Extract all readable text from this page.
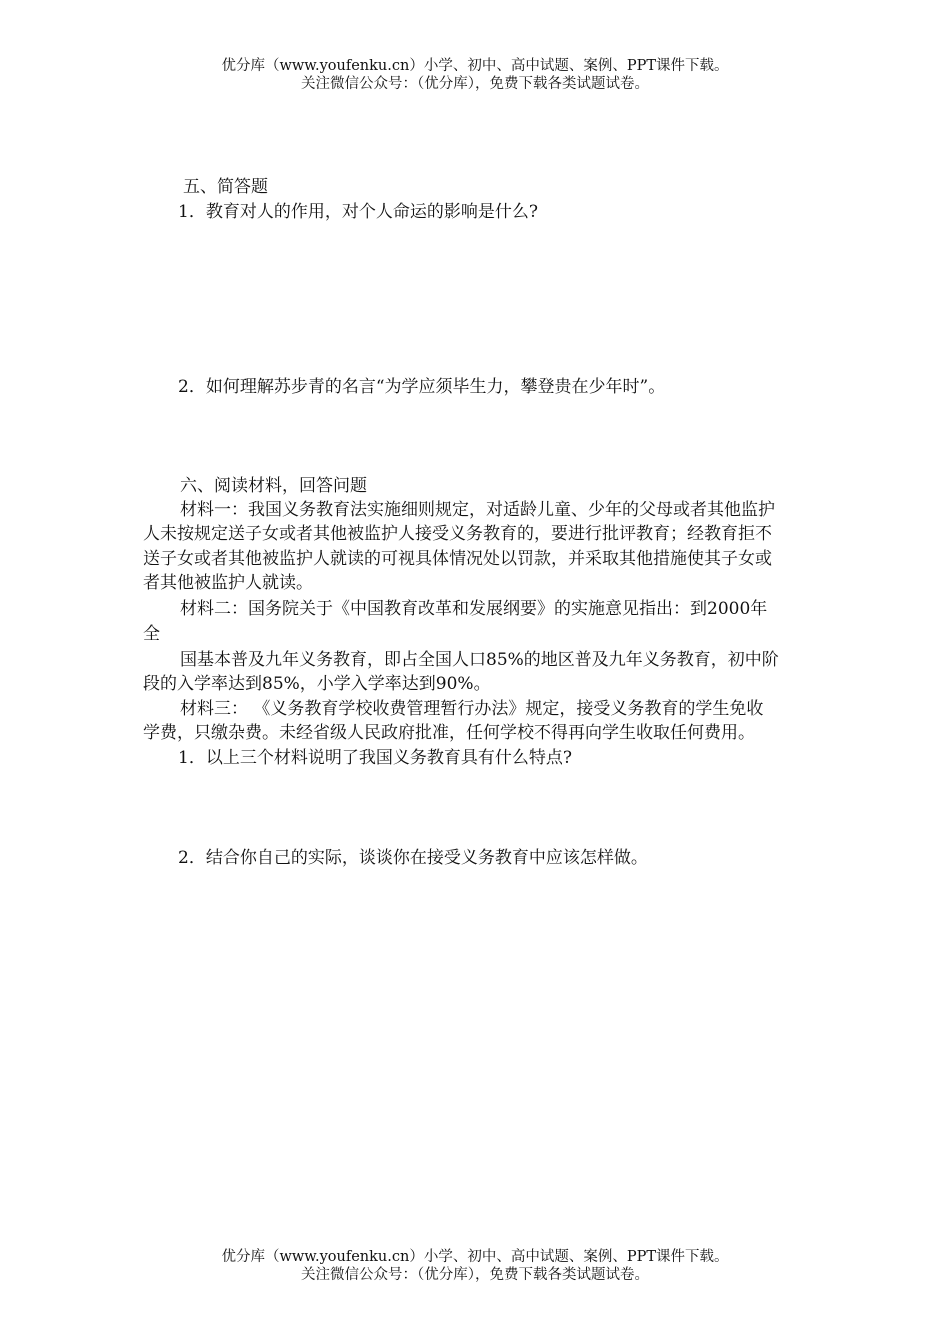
优分库（www.youfenku.cn）小学、初中、高中试题、案例、PPT课件下载。
关注微信公众号：（优分库），免费下载各类试题试卷。
五、简答题
1．教育对人的作用，对个人命运的影响是什么?
2．如何理解苏步青的名言“为学应须毕生力，攀登贵在少年时”。
六、阅读材料，回答问题
材料一：我国义务教育法实施细则规定，对适龄儿童、少年的父母或者其他监护
人未按规定送子女或者其他被监护人接受义务教育的，要进行批评教育；经教育拒不
送子女或者其他被监护人就读的可视具体情况处以罚款，并采取其他措施使其子女或
者其他被监护人就读。
材料二：国务院关于《中国教育改革和发展纲要》的实施意见指出：到2000年
全
国基本普及九年义务教育，即占全国人口85%的地区普及九年义务教育，初中阶
段的入学率达到85%，小学入学率达到90%。
材料三： 《义务教育学校收费管理暂行办法》规定，接受义务教育的学生免收
学费，只缴杂费。未经省级人民政府批准，任何学校不得再向学生收取任何费用。
1．以上三个材料说明了我国义务教育具有什么特点?
2．结合你自己的实际，谈谈你在接受义务教育中应该怎样做。
优分库（www.youfenku.cn）小学、初中、高中试题、案例、PPT课件下载。
关注微信公众号：（优分库），免费下载各类试题试卷。
